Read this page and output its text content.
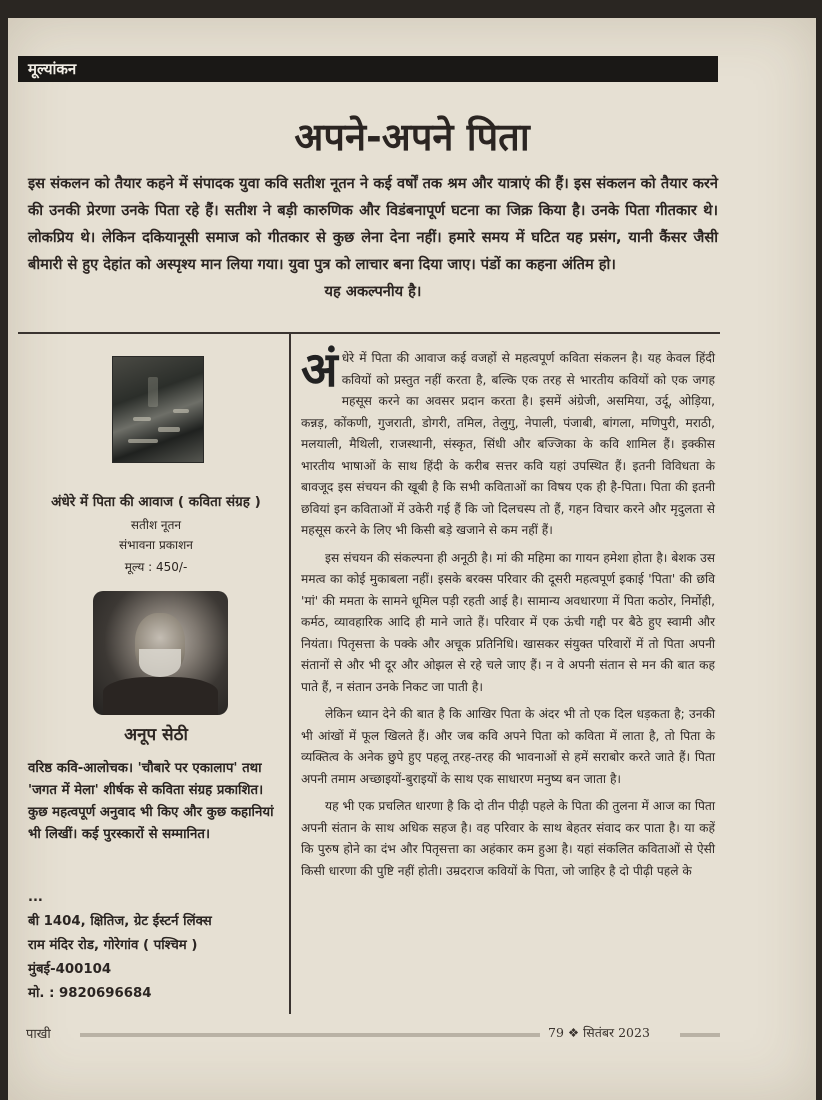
मूल्यांकन
अपने-अपने पिता
इस संकलन को तैयार कहने में संपादक युवा कवि सतीश नूतन ने कई वर्षों तक श्रम और यात्राएं की हैं। इस संकलन को तैयार करने की उनकी प्रेरणा उनके पिता रहे हैं। सतीश ने बड़ी कारुणिक और विडंबनापूर्ण घटना का जिक्र किया है। उनके पिता गीतकार थे। लोकप्रिय थे। लेकिन दकियानूसी समाज को गीतकार से कुछ लेना देना नहीं। हमारे समय में घटित यह प्रसंग, यानी कैंसर जैसी बीमारी से हुए देहांत को अस्पृश्य मान लिया गया। युवा पुत्र को लाचार बना दिया जाए। पंडों का कहना अंतिम हो।
यह अकल्पनीय है।
अंधेरे में पिता की आवाज ( कविता संग्रह )
सतीश नूतन
संभावना प्रकाशन
मूल्य : 450/-
अनूप सेठी
वरिष्ठ कवि-आलोचक। 'चौबारे पर एकालाप' तथा 'जगत में मेला' शीर्षक से कविता संग्रह प्रकाशित। कुछ महत्वपूर्ण अनुवाद भी किए और कुछ कहानियां भी लिखीं। कई पुरस्कारों से सम्मानित।
...
बी 1404, क्षितिज, ग्रेट ईस्टर्न लिंक्स
राम मंदिर रोड, गोरेगांव ( पश्चिम )
मुंबई-400104
मो. : 9820696684

अंधेरे में पिता की आवाज कई वजहों से महत्वपूर्ण कविता संकलन है। यह केवल हिंदी कवियों को प्रस्तुत नहीं करता है, बल्कि एक तरह से भारतीय कवियों को एक जगह महसूस करने का अवसर प्रदान करता है। इसमें अंग्रेजी, असमिया, उर्दू, ओड़िया, कन्नड़, कोंकणी, गुजराती, डोगरी, तमिल, तेलुगु, नेपाली, पंजाबी, बांगला, मणिपुरी, मराठी, मलयाली, मैथिली, राजस्थानी, संस्कृत, सिंधी और बज्जिका के कवि शामिल हैं। इक्कीस भारतीय भाषाओं के साथ हिंदी के करीब सत्तर कवि यहां उपस्थित हैं। इतनी विविधता के बावजूद इस संचयन की खूबी है कि सभी कविताओं का विषय एक ही है-पिता। पिता की इतनी छवियां इन कविताओं में उकेरी गई हैं कि जो दिलचस्प तो हैं, गहन विचार करने और मृदुलता से महसूस करने के लिए भी किसी बड़े खजाने से कम नहीं हैं।

इस संचयन की संकल्पना ही अनूठी है। मां की महिमा का गायन हमेशा होता है। बेशक उस ममत्व का कोई मुकाबला नहीं। इसके बरक्स परिवार की दूसरी महत्वपूर्ण इकाई 'पिता' की छवि 'मां' की ममता के सामने धूमिल पड़ी रहती आई है। सामान्य अवधारणा में पिता कठोर, निर्मोही, कर्मठ, व्यावहारिक आदि ही माने जाते हैं। परिवार में एक ऊंची गद्दी पर बैठे हुए स्वामी और नियंता। पितृसत्ता के पक्के और अचूक प्रतिनिधि। खासकर संयुक्त परिवारों में तो पिता अपनी संतानों से और भी दूर और ओझल से रहे चले जाए हैं। न वे अपनी संतान से मन की बात कह पाते हैं, न संतान उनके निकट जा पाती है।

लेकिन ध्यान देने की बात है कि आखिर पिता के अंदर भी तो एक दिल धड़कता है; उनकी भी आंखों में फूल खिलते हैं। और जब कवि अपने पिता को कविता में लाता है, तो पिता के व्यक्तित्व के अनेक छुपे हुए पहलू तरह-तरह की भावनाओं से हमें सराबोर करते जाते हैं। पिता अपनी तमाम अच्छाइयों-बुराइयों के साथ एक साधारण मनुष्य बन जाता है।

यह भी एक प्रचलित धारणा है कि दो तीन पीढ़ी पहले के पिता की तुलना में आज का पिता अपनी संतान के साथ अधिक सहज है। वह परिवार के साथ बेहतर संवाद कर पाता है। या कहें कि पुरुष होने का दंभ और पितृसत्ता का अहंकार कम हुआ है। यहां संकलित कविताओं से ऐसी किसी धारणा की पुष्टि नहीं होती। उम्रदराज कवियों के पिता, जो जाहिर है दो पीढ़ी पहले के

पाखी	79 ❖ सितंबर 2023
